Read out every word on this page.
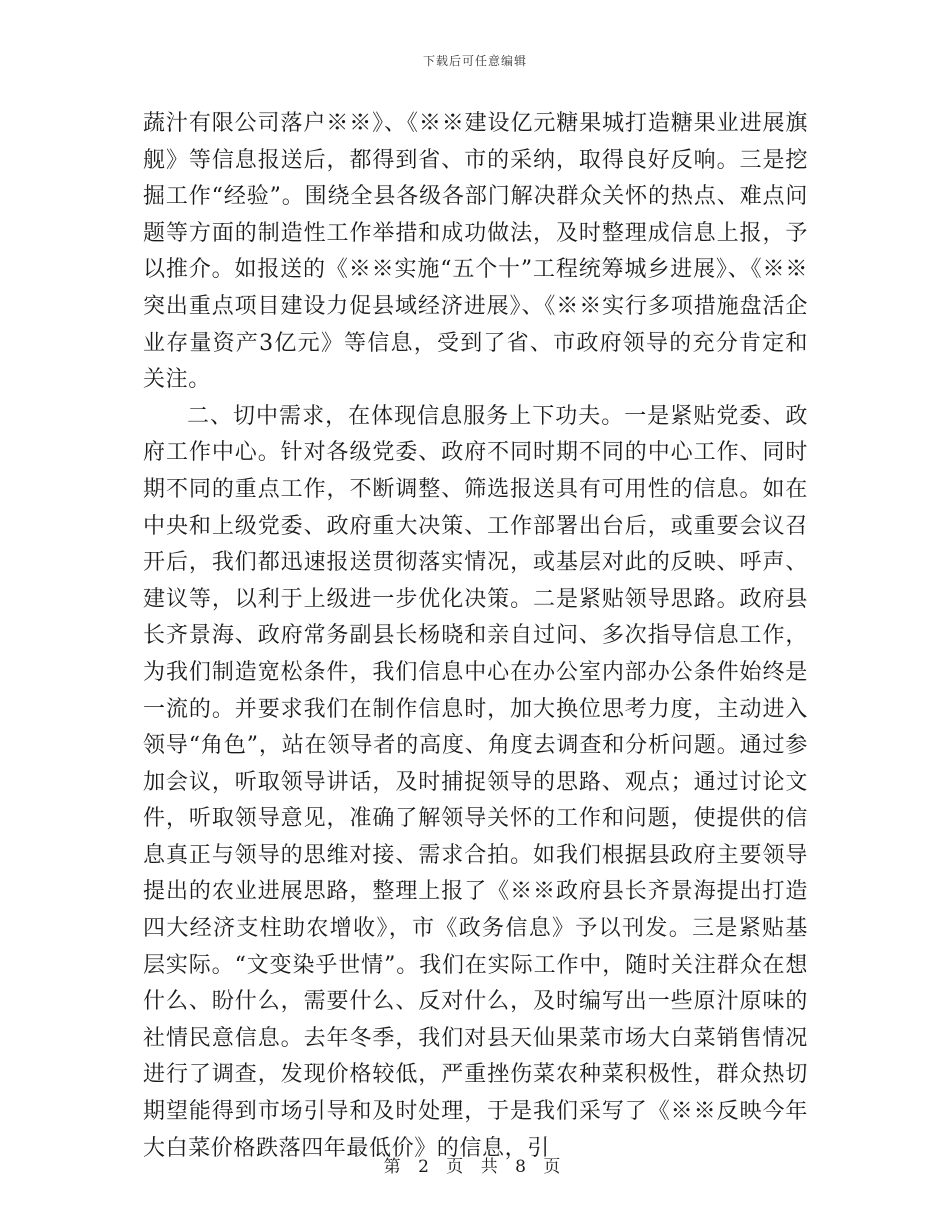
下载后可任意编辑

蔬汁有限公司落户※※》、《※※建设亿元糖果城打造糖果业进展旗舰》等信息报送后，都得到省、市的采纳，取得良好反响。三是挖掘工作“经验”。围绕全县各级各部门解决群众关怀的热点、难点问题等方面的制造性工作举措和成功做法，及时整理成信息上报，予以推介。如报送的《※※实施“五个十”工程统筹城乡进展》、《※※突出重点项目建设力促县域经济进展》、《※※实行多项措施盘活企业存量资产3亿元》等信息，受到了省、市政府领导的充分肯定和关注。

二、切中需求，在体现信息服务上下功夫。一是紧贴党委、政府工作中心。针对各级党委、政府不同时期不同的中心工作、同时期不同的重点工作，不断调整、筛选报送具有可用性的信息。如在中央和上级党委、政府重大决策、工作部署出台后，或重要会议召开后，我们都迅速报送贯彻落实情况，或基层对此的反映、呼声、建议等，以利于上级进一步优化决策。二是紧贴领导思路。政府县长齐景海、政府常务副县长杨晓和亲自过问、多次指导信息工作，为我们制造宽松条件，我们信息中心在办公室内部办公条件始终是一流的。并要求我们在制作信息时，加大换位思考力度，主动进入领导“角色”，站在领导者的高度、角度去调查和分析问题。通过参加会议，听取领导讲话，及时捕捉领导的思路、观点；通过讨论文件，听取领导意见，准确了解领导关怀的工作和问题，使提供的信息真正与领导的思维对接、需求合拍。如我们根据县政府主要领导提出的农业进展思路，整理上报了《※※政府县长齐景海提出打造四大经济支柱助农增收》，市《政务信息》予以刊发。三是紧贴基层实际。“文变染乎世情”。我们在实际工作中，随时关注群众在想什么、盼什么，需要什么、反对什么，及时编写出一些原汁原味的社情民意信息。去年冬季，我们对县天仙果菜市场大白菜销售情况进行了调查，发现价格较低，严重挫伤菜农种菜积极性，群众热切期望能得到市场引导和及时处理，于是我们采写了《※※反映今年大白菜价格跌落四年最低价》的信息，引

第 2 页 共 8 页
